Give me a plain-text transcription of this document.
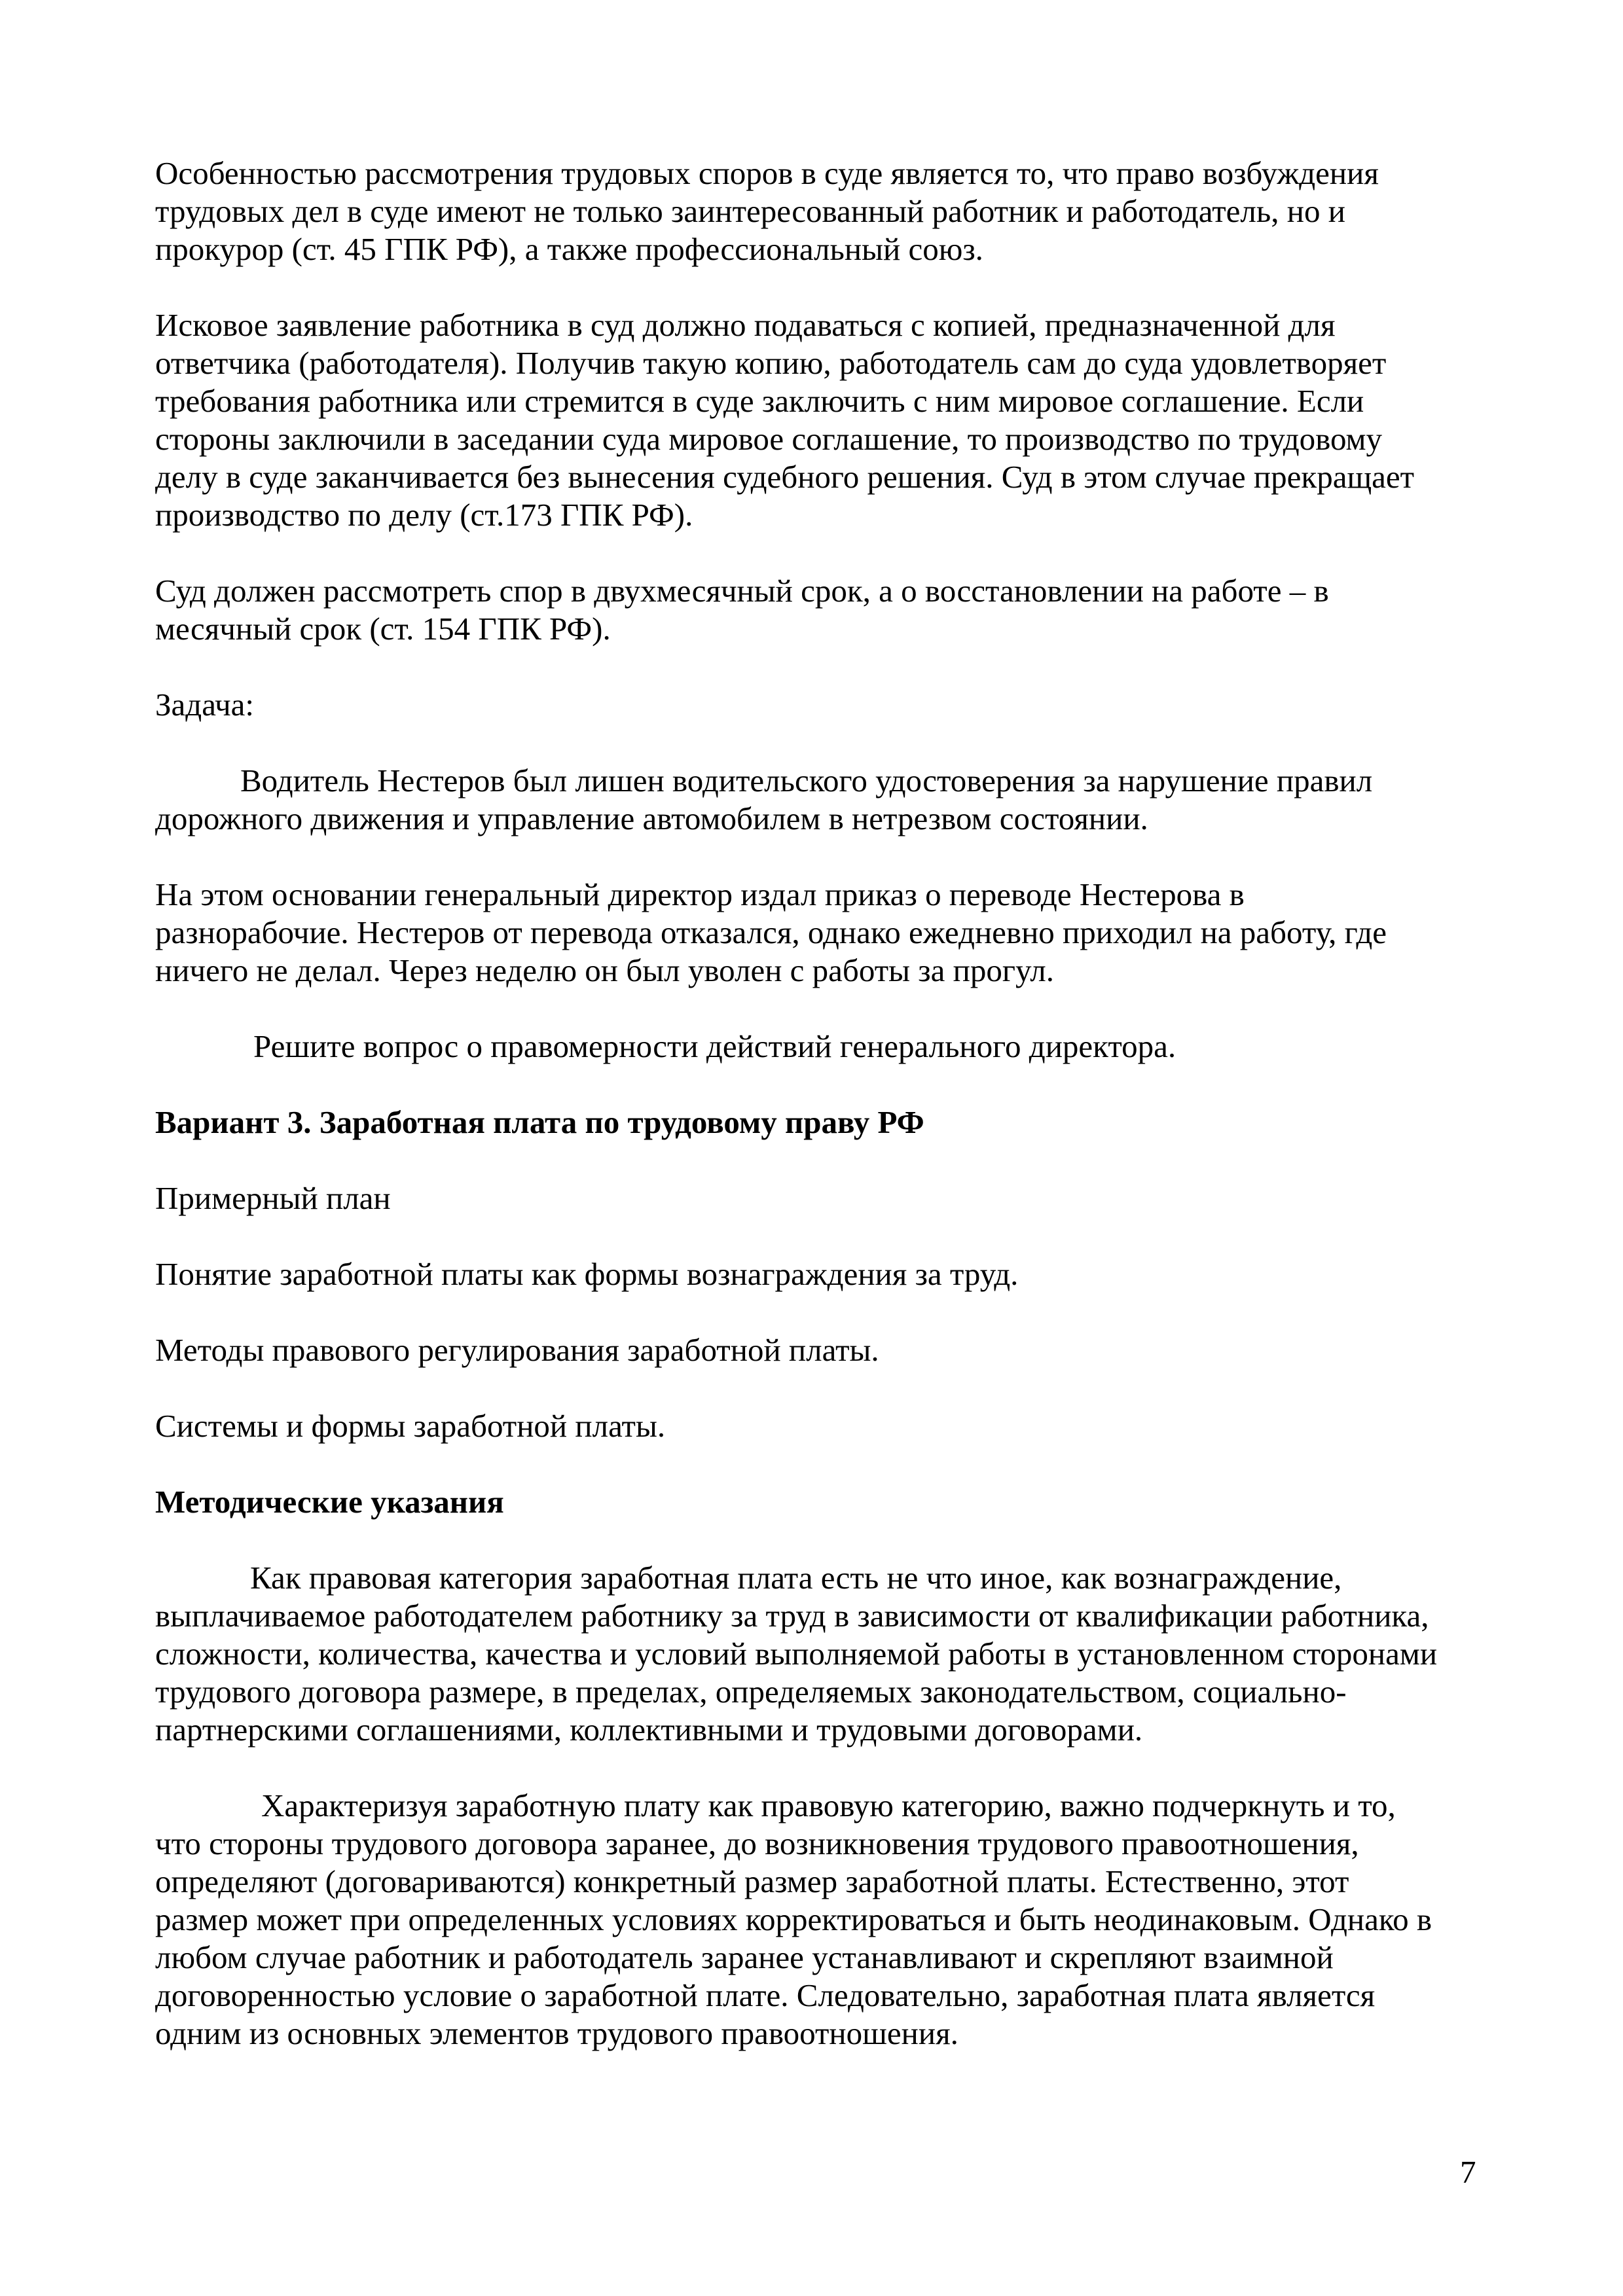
Особенностью рассмотрения трудовых споров в суде является то, что право возбуждения
трудовых дел в суде имеют не только заинтересованный работник и работодатель, но и
прокурор (ст. 45 ГПК РФ), а также профессиональный союз.
Исковое заявление работника в суд должно подаваться с копией, предназначенной для
ответчика (работодателя). Получив такую копию, работодатель сам до суда удовлетворяет
требования работника или стремится в суде заключить с ним мировое соглашение. Если
стороны заключили в заседании суда мировое соглашение, то производство по трудовому
делу в суде заканчивается без вынесения судебного решения. Суд в этом случае прекращает
производство по делу (ст.173 ГПК РФ).
Суд должен рассмотреть спор в двухмесячный срок, а о восстановлении на работе – в
месячный срок (ст. 154 ГПК РФ).
Задача:
Водитель Нестеров был лишен водительского удостоверения за нарушение правил
дорожного движения и управление автомобилем в нетрезвом состоянии.
На этом основании генеральный директор издал приказ о переводе Нестерова в
разнорабочие. Нестеров от перевода отказался, однако ежедневно приходил на работу, где
ничего не делал. Через неделю он был уволен с работы за прогул.
Решите вопрос о правомерности действий генерального директора.
Вариант 3. Заработная плата по трудовому праву РФ
Примерный план
Понятие заработной платы как формы вознаграждения за труд.
Методы правового регулирования заработной платы.
Системы и формы заработной платы.
Методические указания
Как правовая категория заработная плата есть не что иное, как вознаграждение,
выплачиваемое работодателем работнику за труд в зависимости от квалификации работника,
сложности, количества, качества и условий выполняемой работы в установленном сторонами
трудового договора размере, в пределах, определяемых законодательством, социально-
партнерскими соглашениями, коллективными и трудовыми договорами.
Характеризуя заработную плату как правовую категорию, важно подчеркнуть и то,
что стороны трудового договора заранее, до возникновения трудового правоотношения,
определяют (договариваются) конкретный размер заработной платы. Естественно, этот
размер может при определенных условиях корректироваться и быть неодинаковым. Однако в
любом случае работник и работодатель заранее устанавливают и скрепляют взаимной
договоренностью условие о заработной плате. Следовательно, заработная плата является
одним из основных элементов трудового правоотношения.
7
